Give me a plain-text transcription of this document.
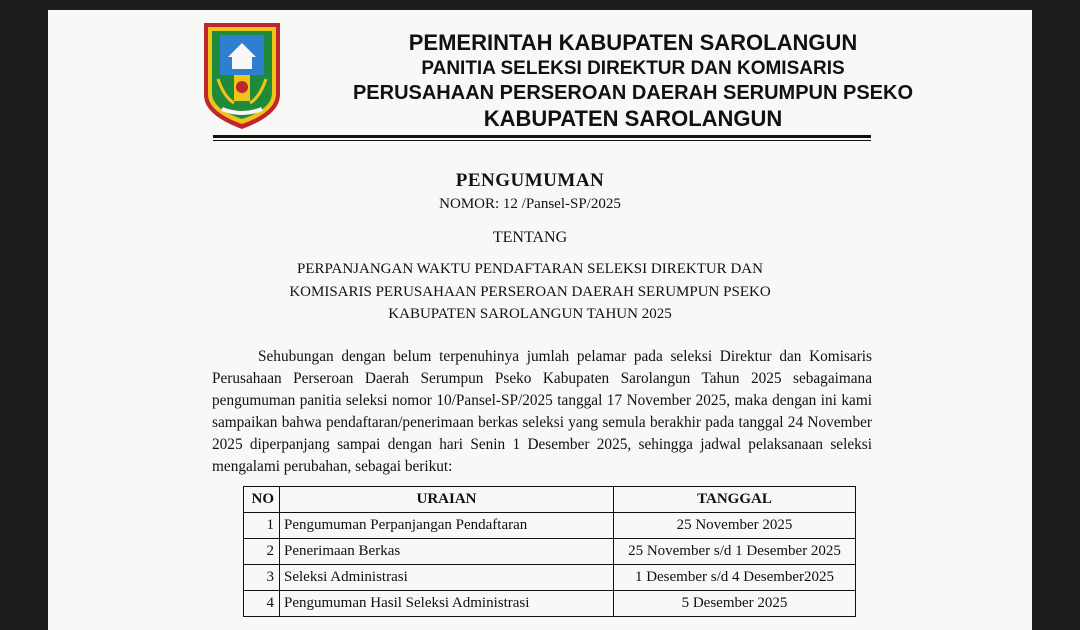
PEMERINTAH KABUPATEN SAROLANGUN
PANITIA SELEKSI DIREKTUR DAN KOMISARIS
PERUSAHAAN PERSEROAN DAERAH SERUMPUN PSEKO
KABUPATEN SAROLANGUN
PENGUMUMAN
NOMOR: 12 /Pansel-SP/2025
TENTANG
PERPANJANGAN WAKTU PENDAFTARAN SELEKSI DIREKTUR DAN
KOMISARIS PERUSAHAAN PERSEROAN DAERAH SERUMPUN PSEKO
KABUPATEN SAROLANGUN TAHUN 2025
Sehubungan dengan belum terpenuhinya jumlah pelamar pada seleksi Direktur dan Komisaris Perusahaan Perseroan Daerah Serumpun Pseko Kabupaten Sarolangun Tahun 2025 sebagaimana pengumuman panitia seleksi nomor 10/Pansel-SP/2025 tanggal 17 November 2025, maka dengan ini kami sampaikan bahwa pendaftaran/penerimaan berkas seleksi yang semula berakhir pada tanggal 24 November 2025 diperpanjang sampai dengan hari Senin 1 Desember 2025, sehingga jadwal pelaksanaan seleksi mengalami perubahan, sebagai berikut:
NO	URAIAN	TANGGAL
1	Pengumuman Perpanjangan Pendaftaran	25 November 2025
2	Penerimaan Berkas	25 November s/d 1 Desember 2025
3	Seleksi Administrasi	1 Desember s/d 4 Desember2025
4	Pengumuman Hasil Seleksi Administrasi	5 Desember 2025
